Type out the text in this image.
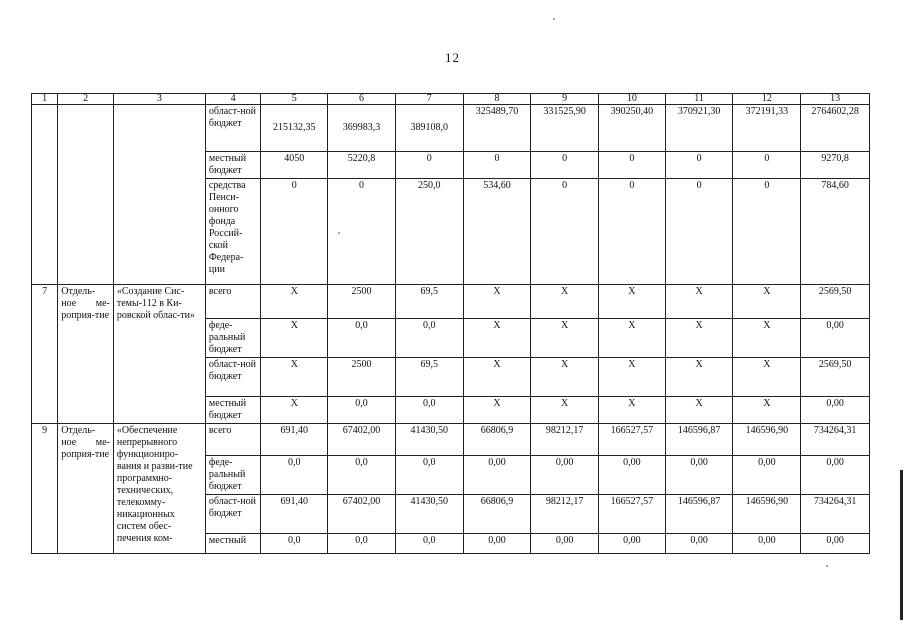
12
1	2	3	4	5	6	7	8	9	10	11	12	13
			област-ной бюджет	215132,35	369983,3	389108,0	325489,70	331525,90	390250,40	370921,30	372191,33	2764602,28
			местный бюджет	4050	5220,8	0	0	0	0	0	0	9270,8
			средства Пенси-онного фонда Россий-ской Федера-ции	0	0	250,0	534,60	0	0	0	0	784,60
7	Отдель-ное ме-роприя-тие	«Создание Сис-темы-112 в Ки-ровской облас-ти»	всего	X	2500	69,5	X	X	X	X	X	2569,50
			феде-ральный бюджет	X	0,0	0,0	X	X	X	X	X	0,00
			област-ной бюджет	X	2500	69,5	X	X	X	X	X	2569,50
			местный бюджет	X	0,0	0,0	X	X	X	X	X	0,00
9	Отдель-ное ме-роприя-тие	«Обеспечение непрерывного функциониро-вания и разви-тие программно-технических, телекомму-никационных систем обес-печения ком-	всего	691,40	67402,00	41430,50	66806,9	98212,17	166527,57	146596,87	146596,90	734264,31
			феде-ральный бюджет	0,0	0,0	0,0	0,00	0,00	0,00	0,00	0,00	0,00
			област-ной бюджет	691,40	67402,00	41430,50	66806,9	98212,17	166527,57	146596,87	146596,90	734264,31
			местный	0,0	0,0	0,0	0,00	0,00	0,00	0,00	0,00	0,00
